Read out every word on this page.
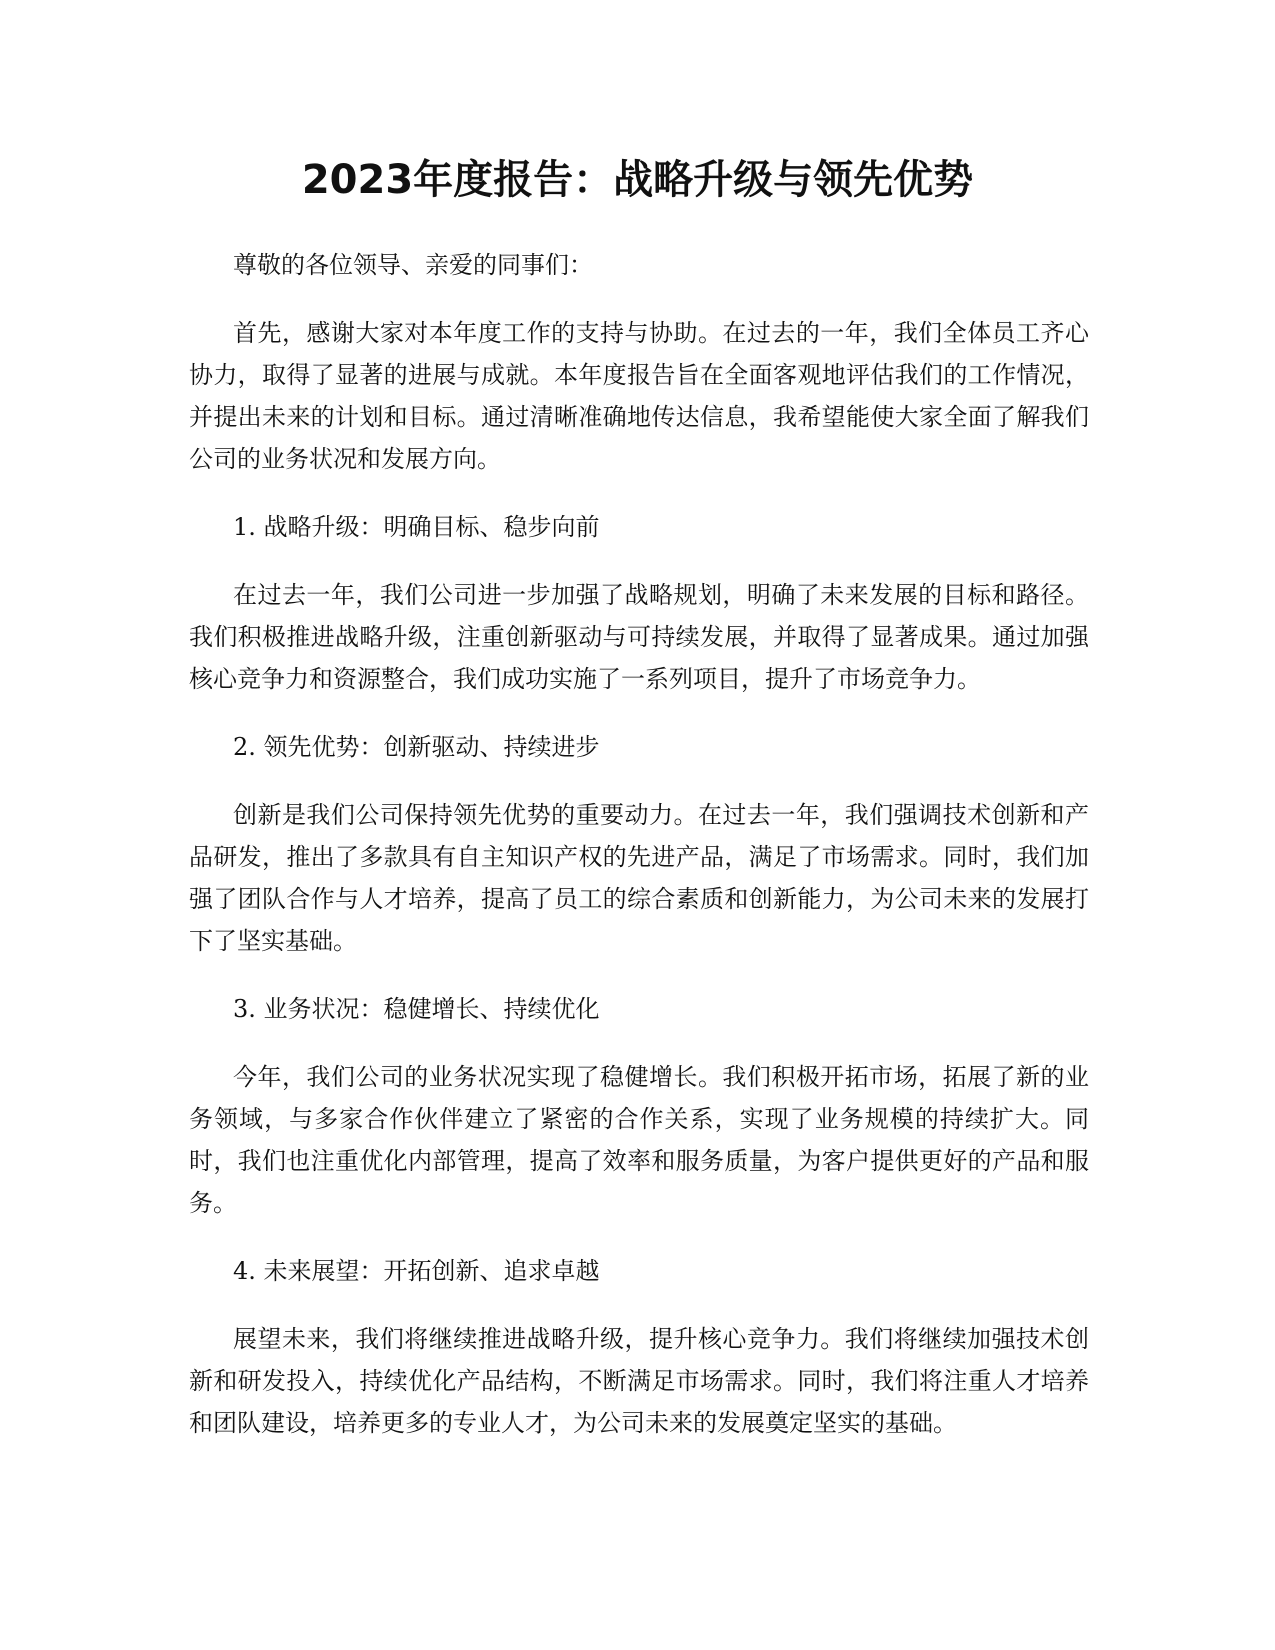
2023年度报告：战略升级与领先优势

尊敬的各位领导、亲爱的同事们：

首先，感谢大家对本年度工作的支持与协助。在过去的一年，我们全体员工齐心协力，取得了显著的进展与成就。本年度报告旨在全面客观地评估我们的工作情况，并提出未来的计划和目标。通过清晰准确地传达信息，我希望能使大家全面了解我们公司的业务状况和发展方向。

1. 战略升级：明确目标、稳步向前

在过去一年，我们公司进一步加强了战略规划，明确了未来发展的目标和路径。我们积极推进战略升级，注重创新驱动与可持续发展，并取得了显著成果。通过加强核心竞争力和资源整合，我们成功实施了一系列项目，提升了市场竞争力。

2. 领先优势：创新驱动、持续进步

创新是我们公司保持领先优势的重要动力。在过去一年，我们强调技术创新和产品研发，推出了多款具有自主知识产权的先进产品，满足了市场需求。同时，我们加强了团队合作与人才培养，提高了员工的综合素质和创新能力，为公司未来的发展打下了坚实基础。

3. 业务状况：稳健增长、持续优化

今年，我们公司的业务状况实现了稳健增长。我们积极开拓市场，拓展了新的业务领域，与多家合作伙伴建立了紧密的合作关系，实现了业务规模的持续扩大。同时，我们也注重优化内部管理，提高了效率和服务质量，为客户提供更好的产品和服务。

4. 未来展望：开拓创新、追求卓越

展望未来，我们将继续推进战略升级，提升核心竞争力。我们将继续加强技术创新和研发投入，持续优化产品结构，不断满足市场需求。同时，我们将注重人才培养和团队建设，培养更多的专业人才，为公司未来的发展奠定坚实的基础。
